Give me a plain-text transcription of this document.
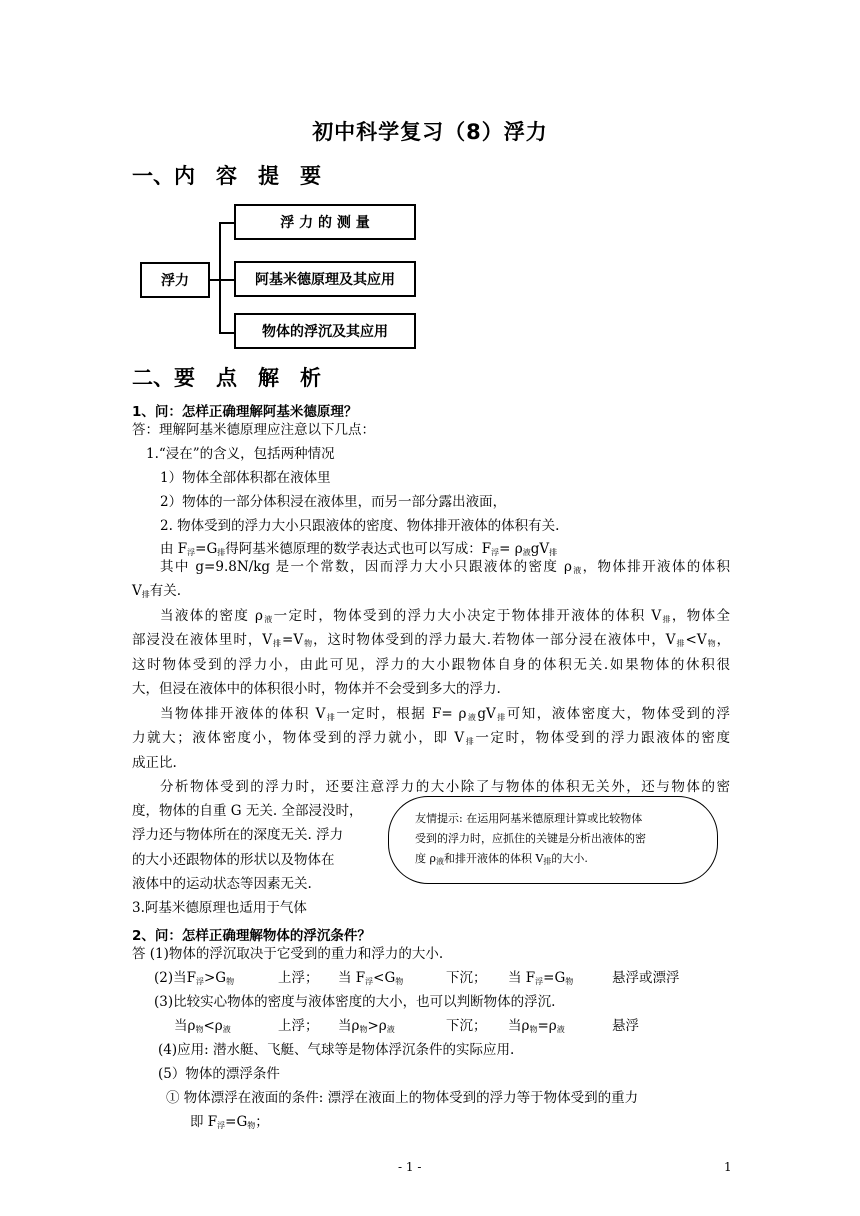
初中科学复习（8）浮力
一、内　容　提　要
浮力
浮 力 的 测 量
阿基米德原理及其应用
物体的浮沉及其应用
二、要　点　解　析
1、问：怎样正确理解阿基米德原理？
答：理解阿基米德原理应注意以下几点：
1.“浸在”的含义，包括两种情况
1）物体全部体积都在液体里
2）物体的一部分体积浸在液体里，而另一部分露出液面，
2. 物体受到的浮力大小只跟液体的密度、物体排开液体的体积有关.
由 $F_浮=G_排$得阿基米德原理的数学表达式也可以写成：$F_浮= \rho_液gV_排$
其中 g=9.8N/kg 是一个常数，因而浮力大小只跟液体的密度 $\rho_液$，物体排开液体的体积
$V_排$有关.
当液体的密度 $\rho_液$一定时，物体受到的浮力大小决定于物体排开液体的体积 $V_排$，物体全
部浸没在液体里时，$V_排=V_物$，这时物体受到的浮力最大.若物体一部分浸在液体中，$V_排<V_物$，
这时物体受到的浮力小，由此可见，浮力的大小跟物体自身的体积无关.如果物体的休积很
大，但浸在液体中的体积很小时，物体并不会受到多大的浮力.
当物体排开液体的体积 $V_排$一定时，根据 $F= \rho_液gV_排$可知，液体密度大，物体受到的浮
力就大；液体密度小，物体受到的浮力就小，即 $V_排$一定时，物体受到的浮力跟液体的密度
成正比.
分析物体受到的浮力时，还要注意浮力的大小除了与物体的体积无关外，还与物体的密
度，物体的自重 G 无关. 全部浸没时，
浮力还与物体所在的深度无关. 浮力
的大小还跟物体的形状以及物体在
液体中的运动状态等因素无关.
3.阿基米德原理也适用于气体
友情提示: 在运用阿基米德原理计算或比较物体
受到的浮力时，应抓住的关键是分析出液体的密
度 $\rho_液$和排开液体的体积 $V_排$的大小.
2、问：怎样正确理解物体的浮沉条件？
答 (1)物体的浮沉取决于它受到的重力和浮力的大小.
(2)当$F_浮>G_物$	上浮； 当 $F_浮<G_物$	下沉； 当 $F_浮=G_物$	悬浮或漂浮
(3)比较实心物体的密度与液体密度的大小，也可以判断物体的浮沉.
当$\rho_物<\rho_液$	上浮； 当$\rho_物>\rho_液$	下沉； 当$\rho_物=\rho_液$	悬浮
(4)应用: 潜水艇、飞艇、气球等是物体浮沉条件的实际应用.
(5）物体的漂浮条件
① 物体漂浮在液面的条件: 漂浮在液面上的物体受到的浮力等于物体受到的重力
即 $F_浮=G_物$；
- 1 -	1
